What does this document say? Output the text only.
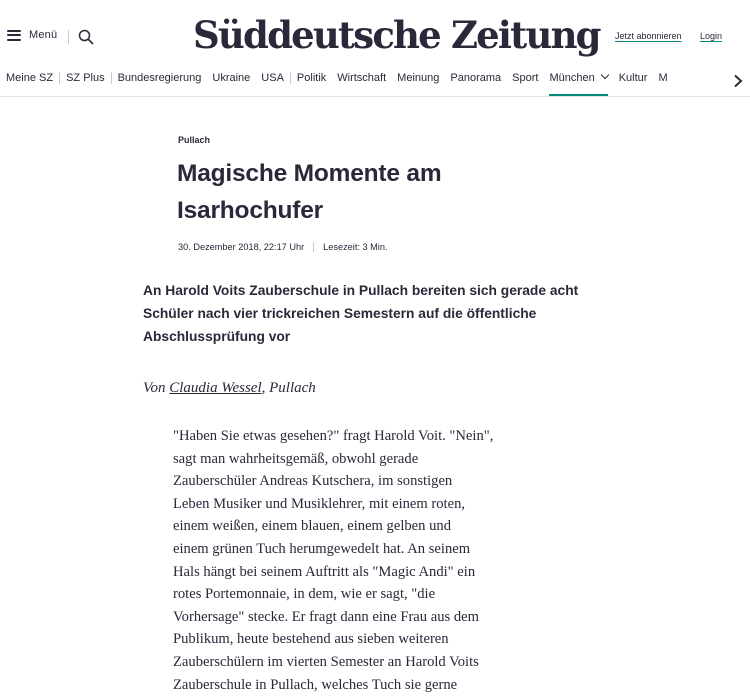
Menü	Süddeutsche Zeitung Jetzt abonnieren Login
Meine SZ SZ Plus Bundesregierung Ukraine USA Politik Wirtschaft Meinung Panorama Sport München	Kultur M
Pullach
Magische Momente am
Isarhochufer
30. Dezember 2018, 22:17 Uhr Lesezeit: 3 Min.
An Harold Voits Zauberschule in Pullach bereiten sich gerade acht
Schüler nach vier trickreichen Semestern auf die öffentliche
Abschlussprüfung vor
Von Claudia Wessel, Pullach

"Haben Sie etwas gesehen?" fragt Harold Voit. "Nein",

sagt man wahrheitsgemäß, obwohl gerade

Zauberschüler Andreas Kutschera, im sonstigen

Leben Musiker und Musiklehrer, mit einem roten,

einem weißen, einem blauen, einem gelben und

einem grünen Tuch herumgewedelt hat. An seinem

Hals hängt bei seinem Auftritt als "Magic Andi" ein

rotes Portemonnaie, in dem, wie er sagt, "die

Vorhersage" stecke. Er fragt dann eine Frau aus dem

Publikum, heute bestehend aus sieben weiteren

Zauberschülern im vierten Semester an Harold Voits

Zauberschule in Pullach, welches Tuch sie gerne
